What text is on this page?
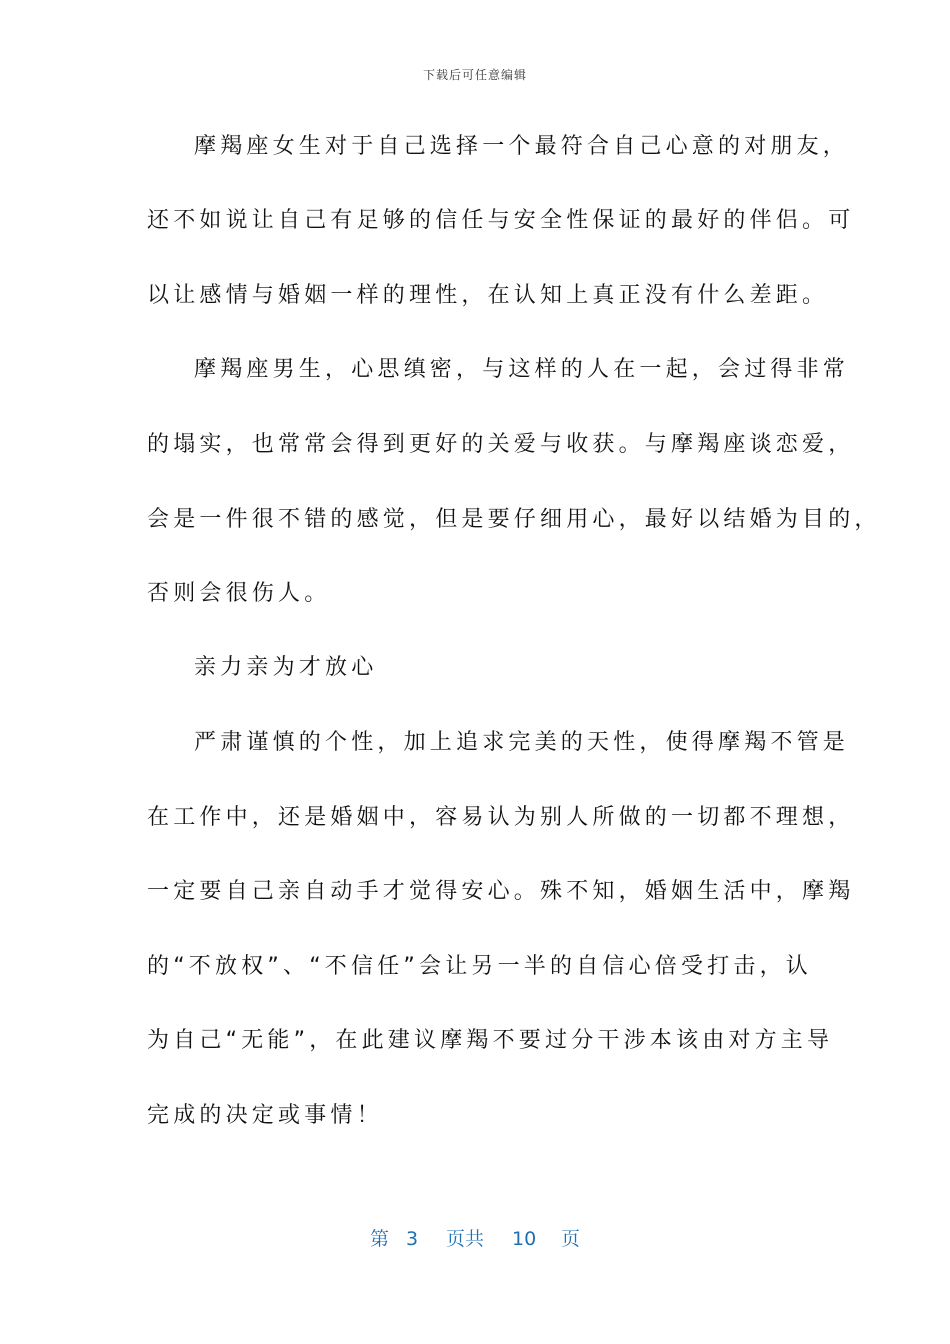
下载后可任意编辑
摩羯座女生对于自己选择一个最符合自己心意的对朋友，
还不如说让自己有足够的信任与安全性保证的最好的伴侣。可
以让感情与婚姻一样的理性，在认知上真正没有什么差距。
摩羯座男生，心思缜密，与这样的人在一起，会过得非常
的塌实，也常常会得到更好的关爱与收获。与摩羯座谈恋爱，
会是一件很不错的感觉，但是要仔细用心，最好以结婚为目的，
否则会很伤人。
亲力亲为才放心
严肃谨慎的个性，加上追求完美的天性，使得摩羯不管是
在工作中，还是婚姻中，容易认为别人所做的一切都不理想，
一定要自己亲自动手才觉得安心。殊不知，婚姻生活中，摩羯
的“不放权”、“不信任”会让另一半的自信心倍受打击，认
为自己“无能”，在此建议摩羯不要过分干涉本该由对方主导
完成的决定或事情！
第 3 页共 10 页
